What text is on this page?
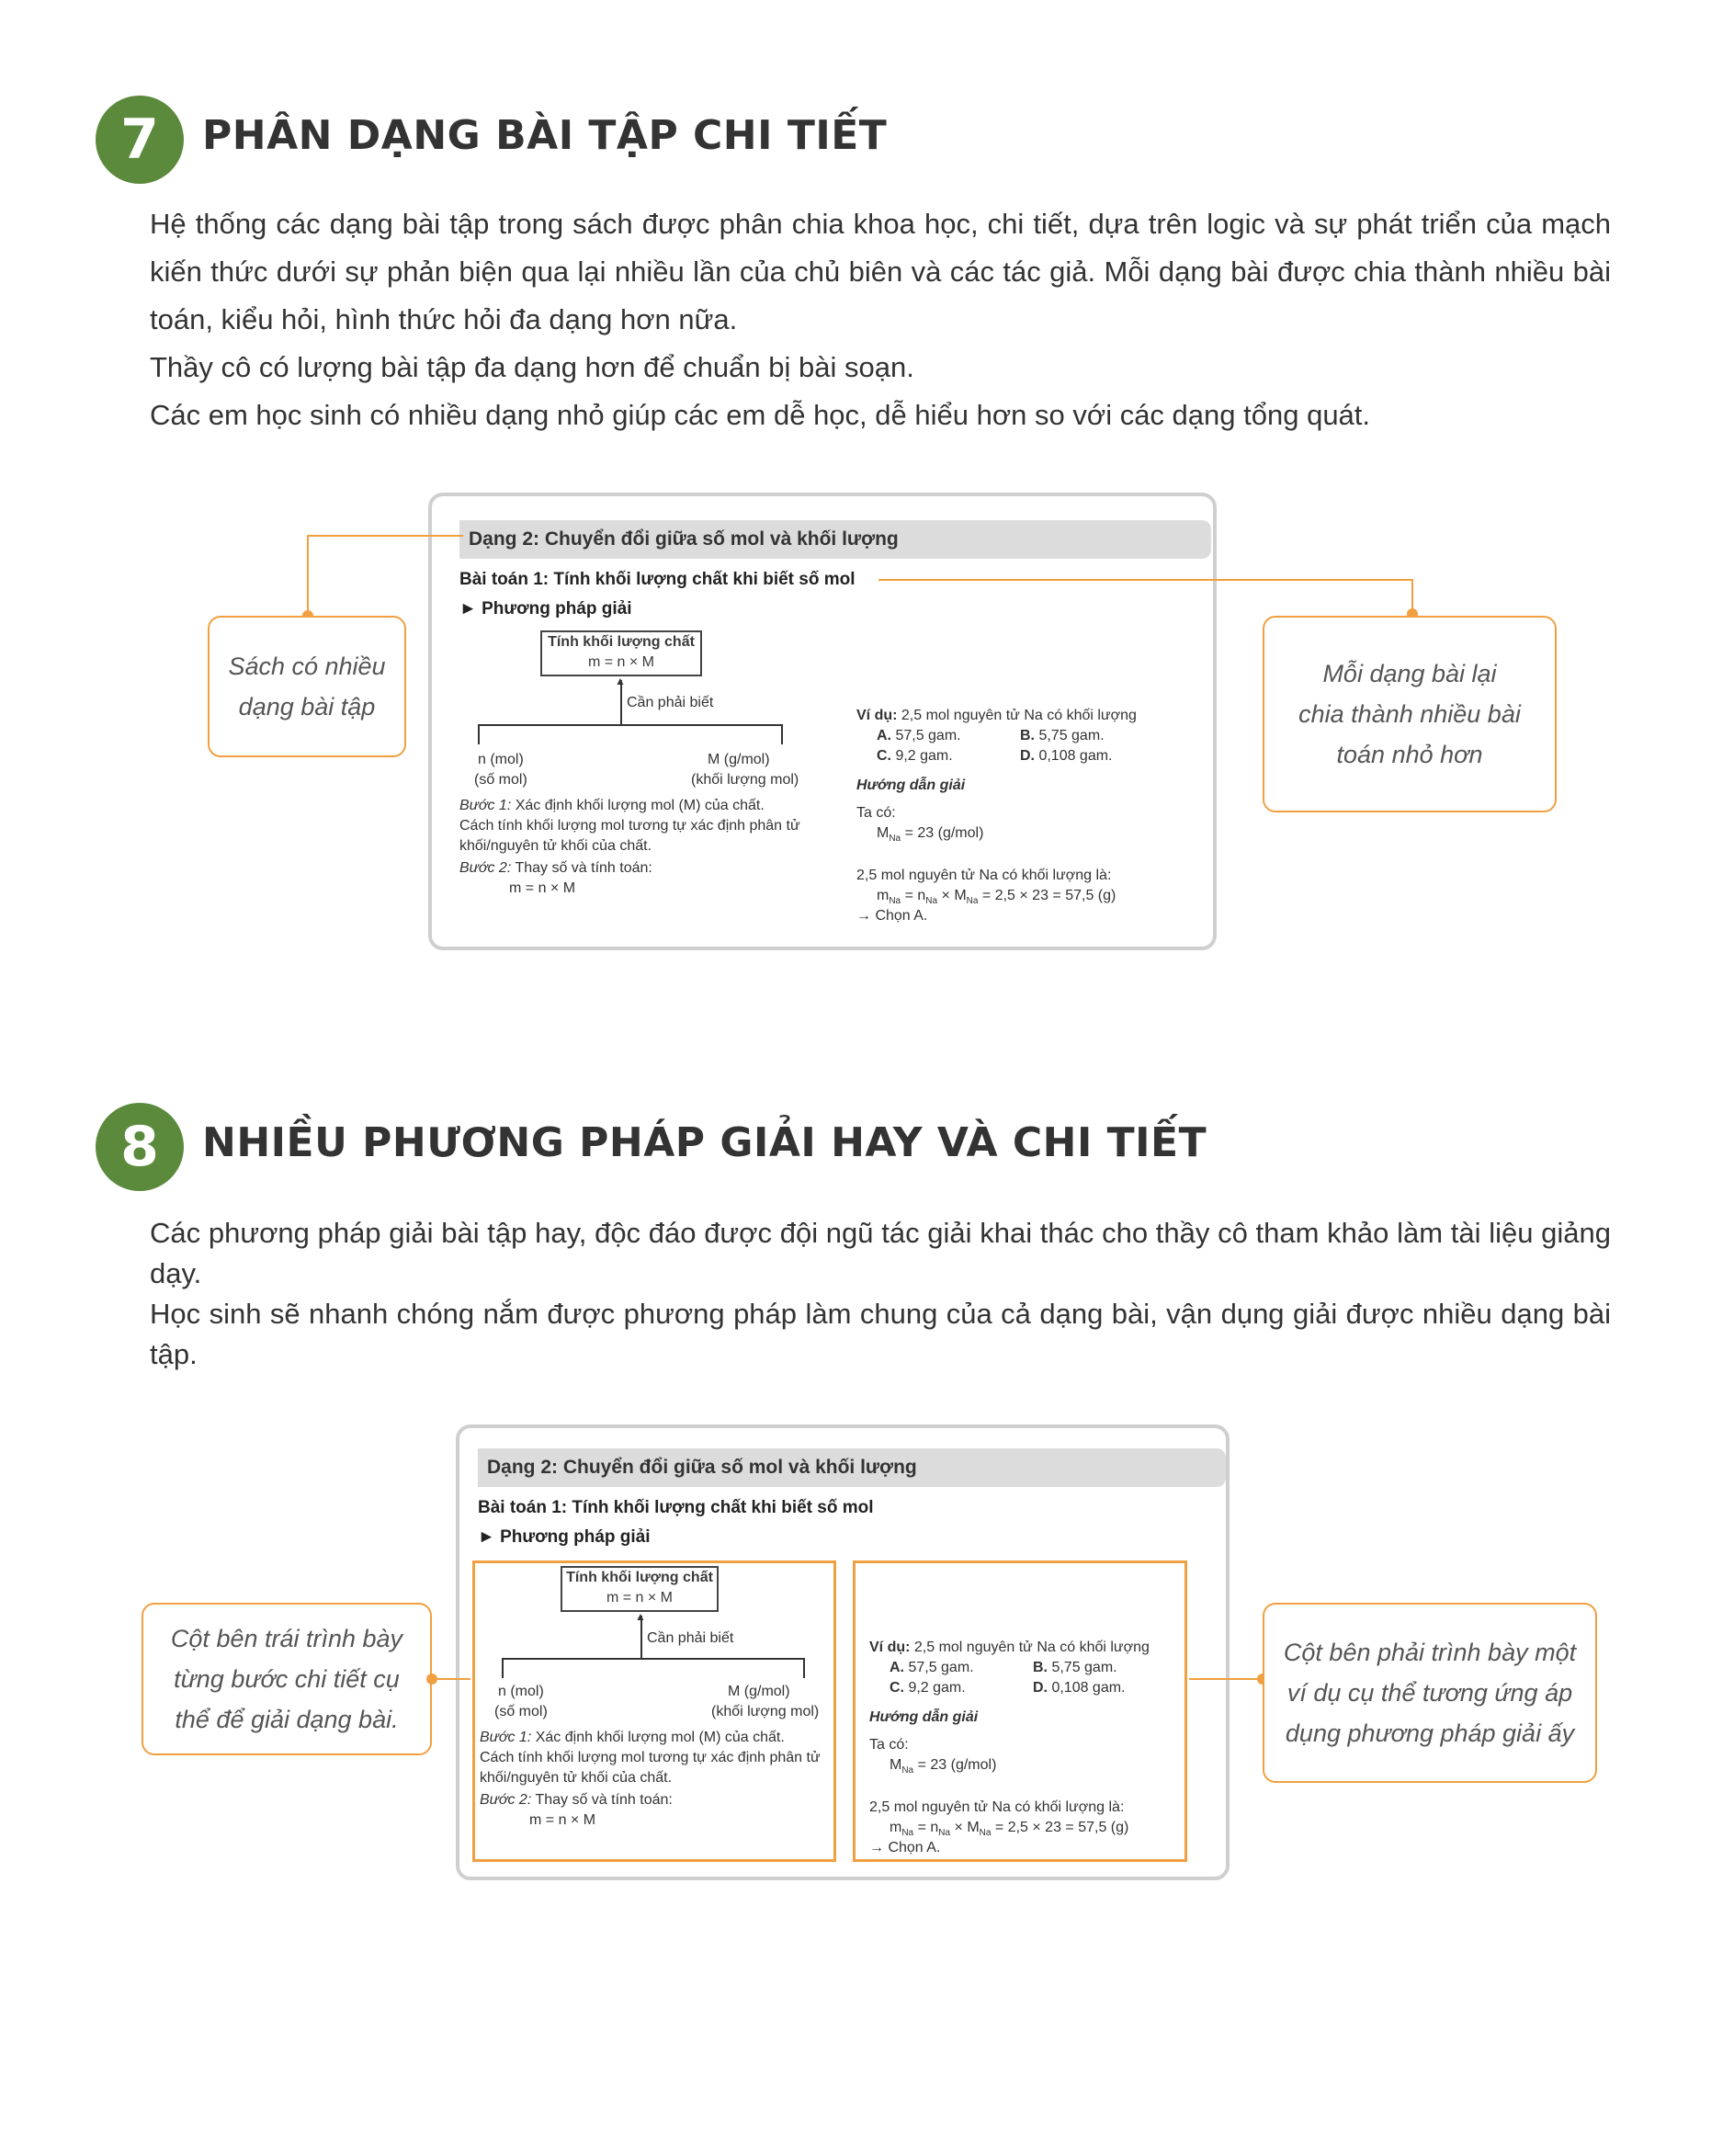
7	PHÂN DẠNG BÀI TẬP CHI TIẾT

Hệ thống các dạng bài tập trong sách được phân chia khoa học, chi tiết, dựa trên logic và sự phát triển của mạch kiến thức dưới sự phản biện qua lại nhiều lần của chủ biên và các tác giả. Mỗi dạng bài được chia thành nhiều bài toán, kiểu hỏi, hình thức hỏi đa dạng hơn nữa.

Thầy cô có lượng bài tập đa dạng hơn để chuẩn bị bài soạn.

Các em học sinh có nhiều dạng nhỏ giúp các em dễ học, dễ hiểu hơn so với các dạng tổng quát.

Dạng 2: Chuyển đổi giữa số mol và khối lượng
Bài toán 1: Tính khối lượng chất khi biết số mol
► Phương pháp giải
Tính khối lượng chất
m = n × M
▲
Cần phải biết
n (mol)
(số mol)
M (g/mol)
(khối lượng mol)
Bước 1: Xác định khối lượng mol (M) của chất.
Cách tính khối lượng mol tương tự xác định phân tử
khối/nguyên tử khối của chất.
Bước 2: Thay số và tính toán:
m = n × M
Ví dụ: 2,5 mol nguyên tử Na có khối lượng
A. 57,5 gam.	B. 5,75 gam.
C. 9,2 gam.	D. 0,108 gam.
Hướng dẫn giải
Ta có:
$M_{Na} = 23$ (g/mol)
2,5 mol nguyên tử Na có khối lượng là:
$m_{Na} = n_{Na} \times M_{Na} = 2,5 \times 23 = 57,5$ (g)
→ Chọn A.
Sách có nhiều dạng bài tập
Mỗi dạng bài lại chia thành nhiều bài toán nhỏ hơn
8	NHIỀU PHƯƠNG PHÁP GIẢI HAY VÀ CHI TIẾT

Các phương pháp giải bài tập hay, độc đáo được đội ngũ tác giải khai thác cho thầy cô tham khảo làm tài liệu giảng dạy.

Học sinh sẽ nhanh chóng nắm được phương pháp làm chung của cả dạng bài, vận dụng giải được nhiều dạng bài tập.

Dạng 2: Chuyển đổi giữa số mol và khối lượng
Bài toán 1: Tính khối lượng chất khi biết số mol
► Phương pháp giải
Tính khối lượng chất
m = n × M
▲
Cần phải biết
n (mol)
(số mol)
M (g/mol)
(khối lượng mol)
Bước 1: Xác định khối lượng mol (M) của chất.
Cách tính khối lượng mol tương tự xác định phân tử
khối/nguyên tử khối của chất.
Bước 2: Thay số và tính toán:
m = n × M
Ví dụ: 2,5 mol nguyên tử Na có khối lượng
A. 57,5 gam.	B. 5,75 gam.
C. 9,2 gam.	D. 0,108 gam.
Hướng dẫn giải
Ta có:
$M_{Na} = 23$ (g/mol)
2,5 mol nguyên tử Na có khối lượng là:
$m_{Na} = n_{Na} \times M_{Na} = 2,5 \times 23 = 57,5$ (g)
→ Chọn A.
Cột bên trái trình bày từng bước chi tiết cụ thể để giải dạng bài.
Cột bên phải trình bày một ví dụ cụ thể tương ứng áp dụng phương pháp giải ấy
